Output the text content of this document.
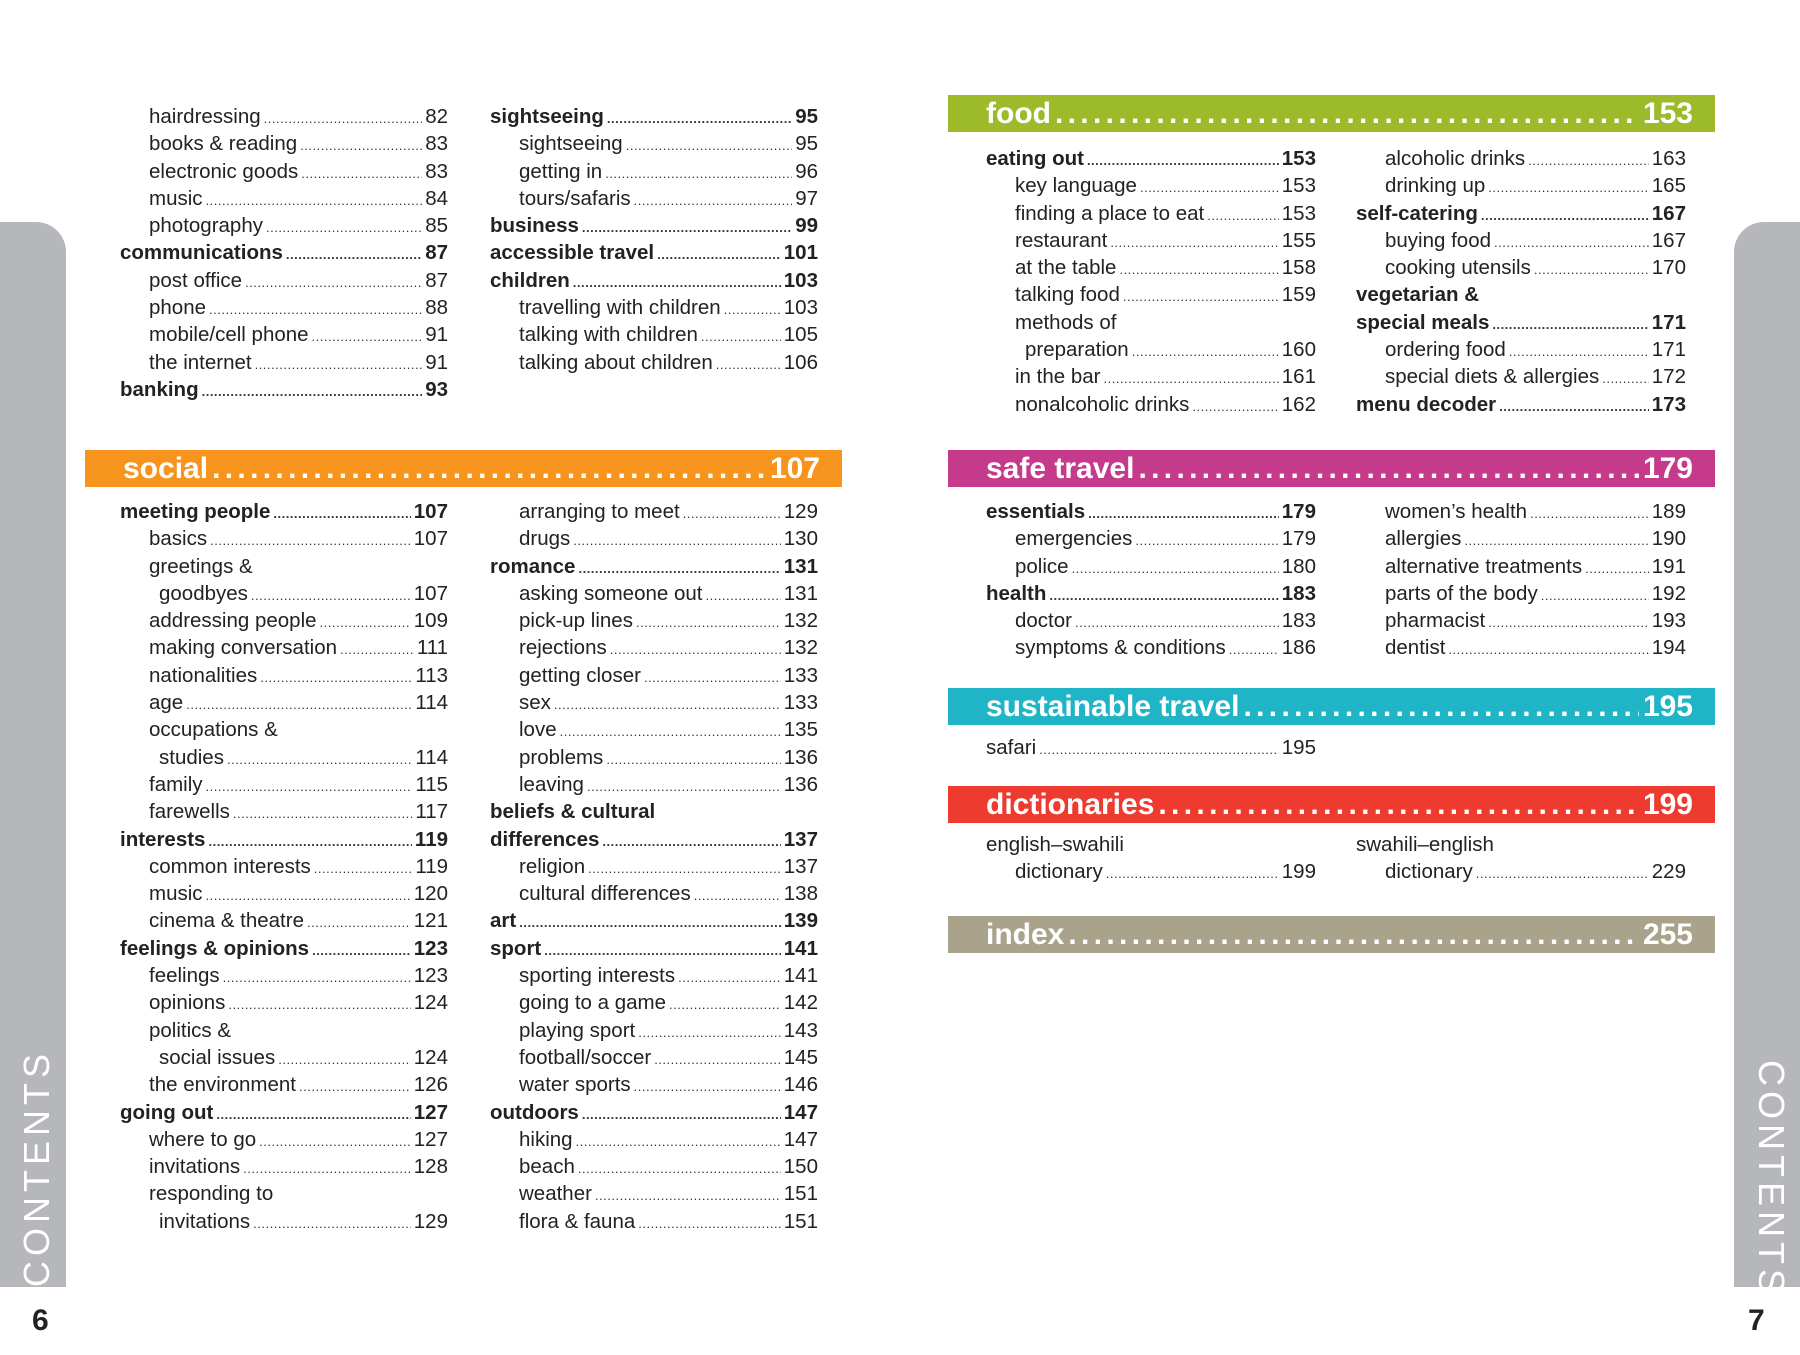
CONTENTS	CONTENTS
6	7
hairdressing .....	82
books & reading .....	83
electronic goods .....	83
music .....	84
photography .....	85
communications .....	87
post office .....	87
phone .....	88
mobile/cell phone .....	91
the internet .....	91
banking .....	93
sightseeing .....	95
sightseeing .....	95
getting in .....	96
tours/safaris .....	97
business .....	99
accessible travel .....	101
children .....	103
travelling with children .....	103
talking with children .....	105
talking about children .....	106
social . . .	107
meeting people .....	107
basics .....	107
greetings &
goodbyes .....	107
addressing people .....	109
making conversation .....	111
nationalities .....	113
age .....	114
occupations &
studies .....	114
family .....	115
farewells .....	117
interests .....	119
common interests .....	119
music .....	120
cinema & theatre .....	121
feelings & opinions .....	123
feelings .....	123
opinions .....	124
politics &
social issues .....	124
the environment .....	126
going out .....	127
where to go .....	127
invitations .....	128
responding to
invitations .....	129
arranging to meet .....	129
drugs .....	130
romance .....	131
asking someone out .....	131
pick-up lines .....	132
rejections .....	132
getting closer .....	133
sex .....	133
love .....	135
problems .....	136
leaving .....	136
beliefs & cultural
differences .....	137
religion .....	137
cultural differences .....	138
art .....	139
sport .....	141
sporting interests .....	141
going to a game .....	142
playing sport .....	143
football/soccer .....	145
water sports .....	146
outdoors .....	147
hiking .....	147
beach .....	150
weather .....	151
flora & fauna .....	151
food . . .	153
eating out .....	153
key language .....	153
finding a place to eat .....	153
restaurant .....	155
at the table .....	158
talking food .....	159
methods of
preparation .....	160
in the bar .....	161
nonalcoholic drinks .....	162
alcoholic drinks .....	163
drinking up .....	165
self-catering .....	167
buying food .....	167
cooking utensils .....	170
vegetarian &
special meals .....	171
ordering food .....	171
special diets & allergies .....	172
menu decoder .....	173
safe travel . . .	179
essentials .....	179
emergencies .....	179
police .....	180
health .....	183
doctor .....	183
symptoms & conditions .....	186
women’s health .....	189
allergies .....	190
alternative treatments .....	191
parts of the body .....	192
pharmacist .....	193
dentist .....	194
sustainable travel . . .	195
safari .....	195
dictionaries . . .	199
english–swahili
dictionary .....	199
swahili–english
dictionary .....	229
index . . .	255
